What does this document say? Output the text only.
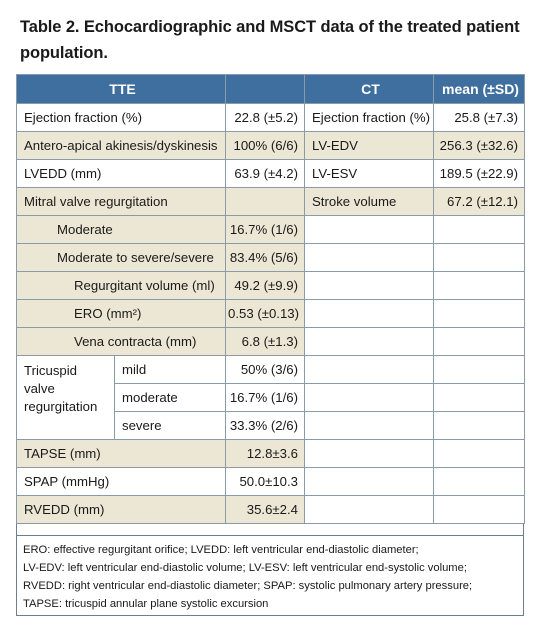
Table 2. Echocardiographic and MSCT data of the treated patient population.
TTE			CT	mean (±SD)
Ejection fraction (%)		22.8 (±5.2)	Ejection fraction (%)	25.8 (±7.3)
Antero-apical akinesis/dyskinesis		100% (6/6)	LV-EDV	256.3 (±32.6)
LVEDD (mm)		63.9 (±4.2)	LV-ESV	189.5 (±22.9)
Mitral valve regurgitation			Stroke volume	67.2 (±12.1)
Moderate		16.7% (1/6)		
Moderate to severe/severe		83.4% (5/6)		
Regurgitant volume (ml)		49.2 (±9.9)		
ERO (mm²)		0.53 (±0.13)		
Vena contracta (mm)		6.8 (±1.3)		
Tricuspid valve regurgitation	mild	50% (3/6)		
	moderate	16.7% (1/6)		
	severe	33.3% (2/6)		
TAPSE (mm)		12.8±3.6		
SPAP (mmHg)		50.0±10.3		
RVEDD (mm)		35.6±2.4		
ERO: effective regurgitant orifice; LVEDD: left ventricular end-diastolic diameter;
LV-EDV: left ventricular end-diastolic volume; LV-ESV: left ventricular end-systolic volume;
RVEDD: right ventricular end-diastolic diameter; SPAP: systolic pulmonary artery pressure;
TAPSE: tricuspid annular plane systolic excursion
